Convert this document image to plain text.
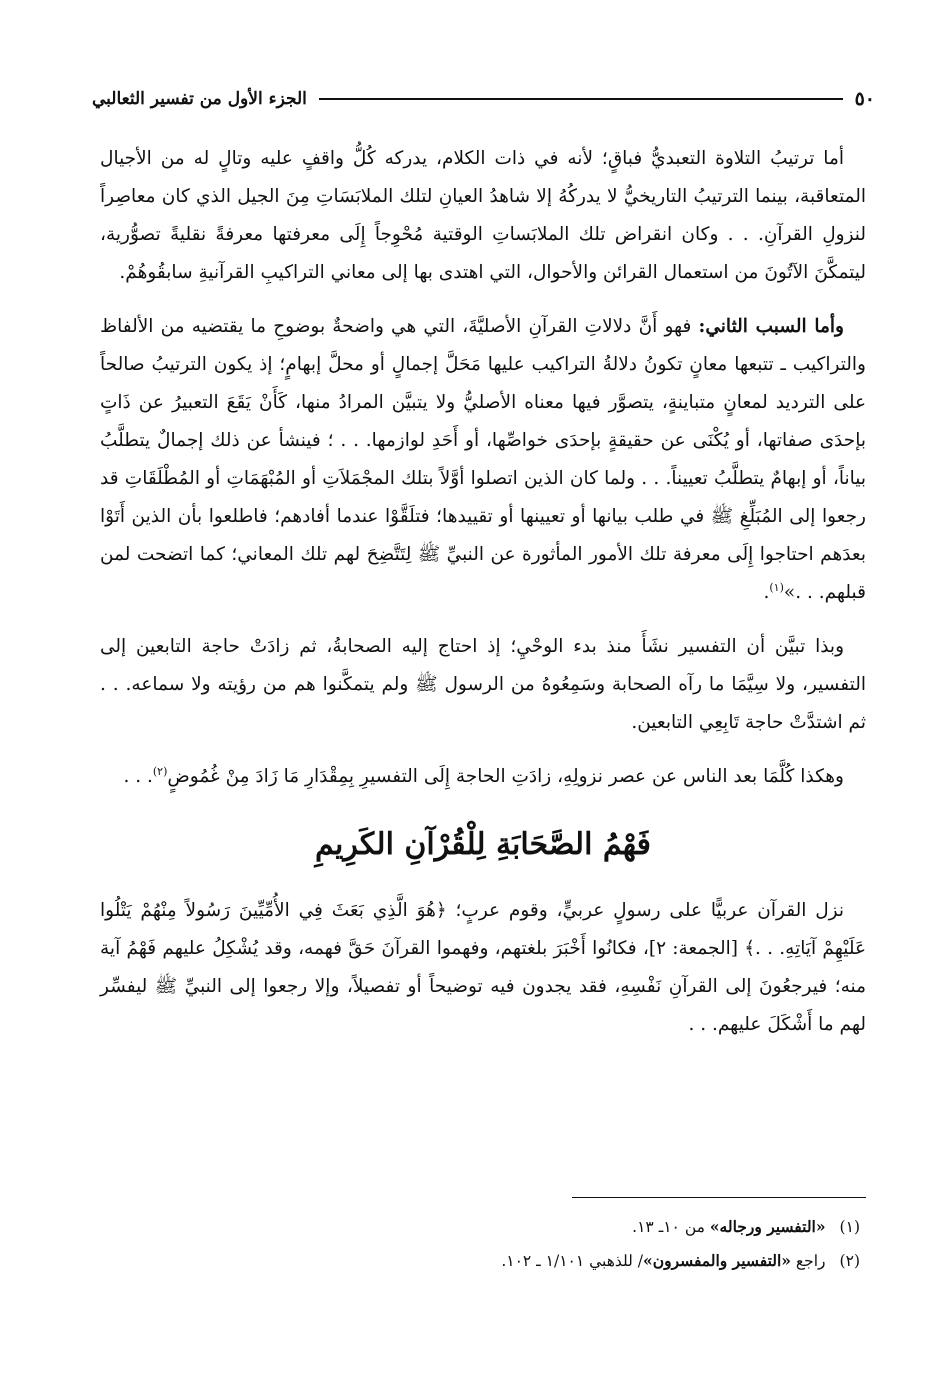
٥٠
الجزء الأول من تفسير الثعالبي

أما ترتيبُ التلاوة التعبديُّ فباقٍ؛ لأنه في ذات الكلام، يدركه كُلُّ واقفٍ عليه وتالٍ له من الأجيال المتعاقبة، بينما الترتيبُ التاريخيُّ لا يدركُهُ إلا شاهدُ العيانِ لتلك الملابَسَاتِ مِنَ الجيل الذي كان معاصِراً لنزولِ القرآنِ. . . وكان انقراض تلك الملابَساتِ الوقتية مُحْوِجاً إِلَى معرفتها معرفةً نقليةً تصوُّرية، ليتمكَّنَ الآتُونَ من استعمال القرائن والأحوال، التي اهتدى بها إلى معاني التراكيبِ القرآنيةِ سابقُوهُمْ.

وأما السبب الثاني: فهو أَنَّ دلالاتِ القرآنِ الأصليَّةَ، التي هي واضحةٌ بوضوحِ ما يقتضيه من الألفاظ والتراكيب ـ تتبعها معانٍ تكونُ دلالةُ التراكيب عليها مَحَلَّ إجمالٍ أو محلَّ إبهامٍ؛ إذ يكون الترتيبُ صالحاً على الترديد لمعانٍ متباينةٍ، يتصوَّر فيها معناه الأصليُّ ولا يتبيَّن المرادُ منها، كَأَنْ يَقَعَ التعبيرُ عن ذَاتٍ بإحدَى صفاتها، أو يُكْنَى عن حقيقةٍ بإحدَى خواصِّها، أو أَحَدِ لوازمها. . . ؛ فينشأ عن ذلك إجمالٌ يتطلَّبُ بياناً، أو إبهامٌ يتطلَّبُ تعييناً. . . ولما كان الذين اتصلوا أوَّلاً بتلك المجْمَلاَتِ أو المُبْهَمَاتِ أو المُطْلَقَاتِ قد رجعوا إلى المُبَلِّغِ ﷺ في طلب بيانها أو تعيينها أو تقييدها؛ فتلَقَّوْا عندما أفادهم؛ فاطلعوا بأن الذين أَتَوْا بعدَهم احتاجوا إِلَى معرفة تلك الأمور المأثورة عن النبيِّ ﷺ لِتَتَّضِحَ لهم تلك المعاني؛ كما اتضحت لمن قبلهم. . .»$^{(١)}$.

وبذا تبيَّن أن التفسير نشَأَ منذ بدء الوحْيِ؛ إذ احتاج إليه الصحابةُ، ثم زادَتْ حاجة التابعين إلى التفسير، ولا سِيَّمَا ما رآه الصحابة وسَمِعُوهُ من الرسول ﷺ ولم يتمكَّنوا هم من رؤيته ولا سماعه. . . ثم اشتدَّتْ حاجة تَابِعِي التابعين.

وهكذا كُلَّمَا بعد الناس عن عصر نزولِهِ، زادَتِ الحاجة إِلَى التفسيرِ بِمِقْدَارِ مَا زَادَ مِنْ غُمُوضٍ$^{(٢)}$. . .

فَهْمُ الصَّحَابَةِ لِلْقُرْآنِ الكَرِيمِ

نزل القرآن عربيًّا على رسولٍ عربيٍّ، وقوم عربٍ؛ ﴿هُوَ الَّذِي بَعَثَ فِي الأُمِّيِّينَ رَسُولاً مِنْهُمْ يَتْلُوا عَلَيْهِمْ آيَاتِهِ. . .﴾ [الجمعة: ٢]، فكانُوا أَخْبَرَ بلغتهم، وفهموا القرآنَ حَقَّ فهمه، وقد يُشْكِلُ عليهم فَهْمُ آية منه؛ فيرجعُونَ إلى القرآنِ نَفْسِهِ، فقد يجدون فيه توضيحاً أو تفصيلاً، وإلا رجعوا إلى النبيِّ ﷺ ليفسِّر لهم ما أَشْكَلَ عليهم. . .

(١)
«التفسير ورجاله» من ١٠ـ ١٣.
(٢)
راجع «التفسير والمفسرون»/ للذهبي ١/١٠١ ـ ١٠٢.
